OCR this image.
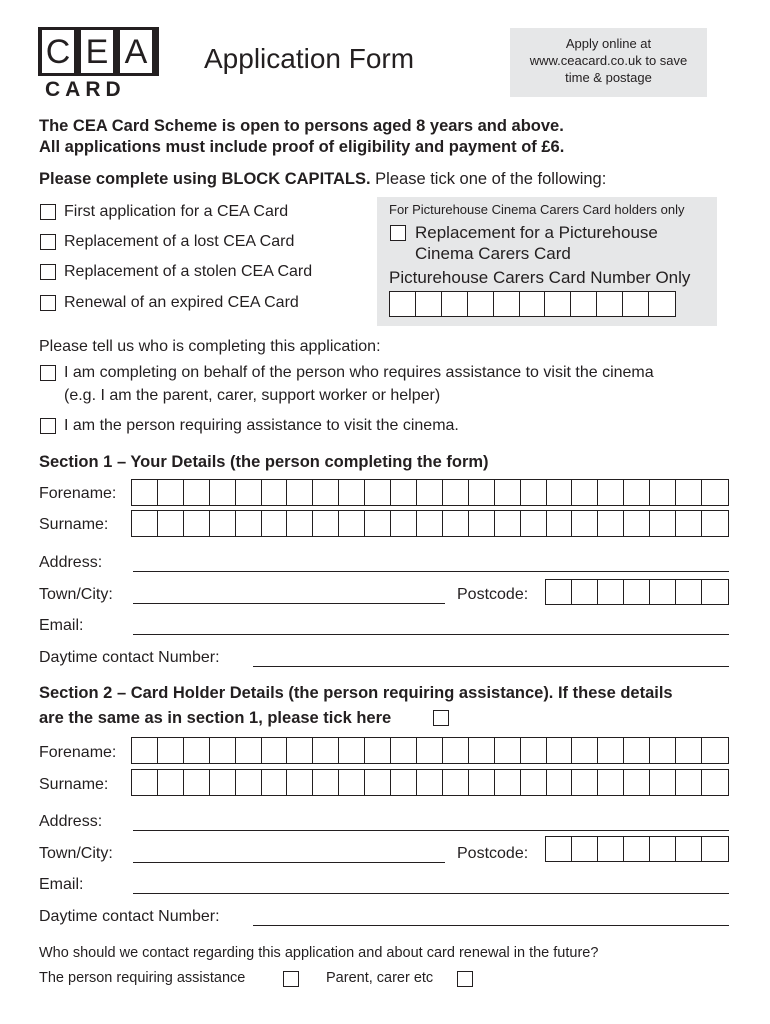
C E A
CARD
Application Form	Apply online at
www.ceacard.co.uk to save
time & postage
The CEA Card Scheme is open to persons aged 8 years and above.
All applications must include proof of eligibility and payment of £6.
Please complete using BLOCK CAPITALS. Please tick one of the following:
First application for a CEA Card
Replacement of a lost CEA Card
Replacement of a stolen CEA Card
Renewal of an expired CEA Card
For Picturehouse Cinema Carers Card holders only
Replacement for a Picturehouse
Cinema Carers Card
Picturehouse Carers Card Number Only
Please tell us who is completing this application:
I am completing on behalf of the person who requires assistance to visit the cinema
(e.g. I am the parent, carer, support worker or helper)
I am the person requiring assistance to visit the cinema.
Section 1 – Your Details (the person completing the form)
Forename:
Surname:
Address:
Town/City:	Postcode:
Email:
Daytime contact Number:
Section 2 – Card Holder Details (the person requiring assistance). If these details
are the same as in section 1, please tick here
Forename:
Surname:
Address:
Town/City:	Postcode:
Email:
Daytime contact Number:
Who should we contact regarding this application and about card renewal in the future?
The person requiring assistance	Parent, carer etc
